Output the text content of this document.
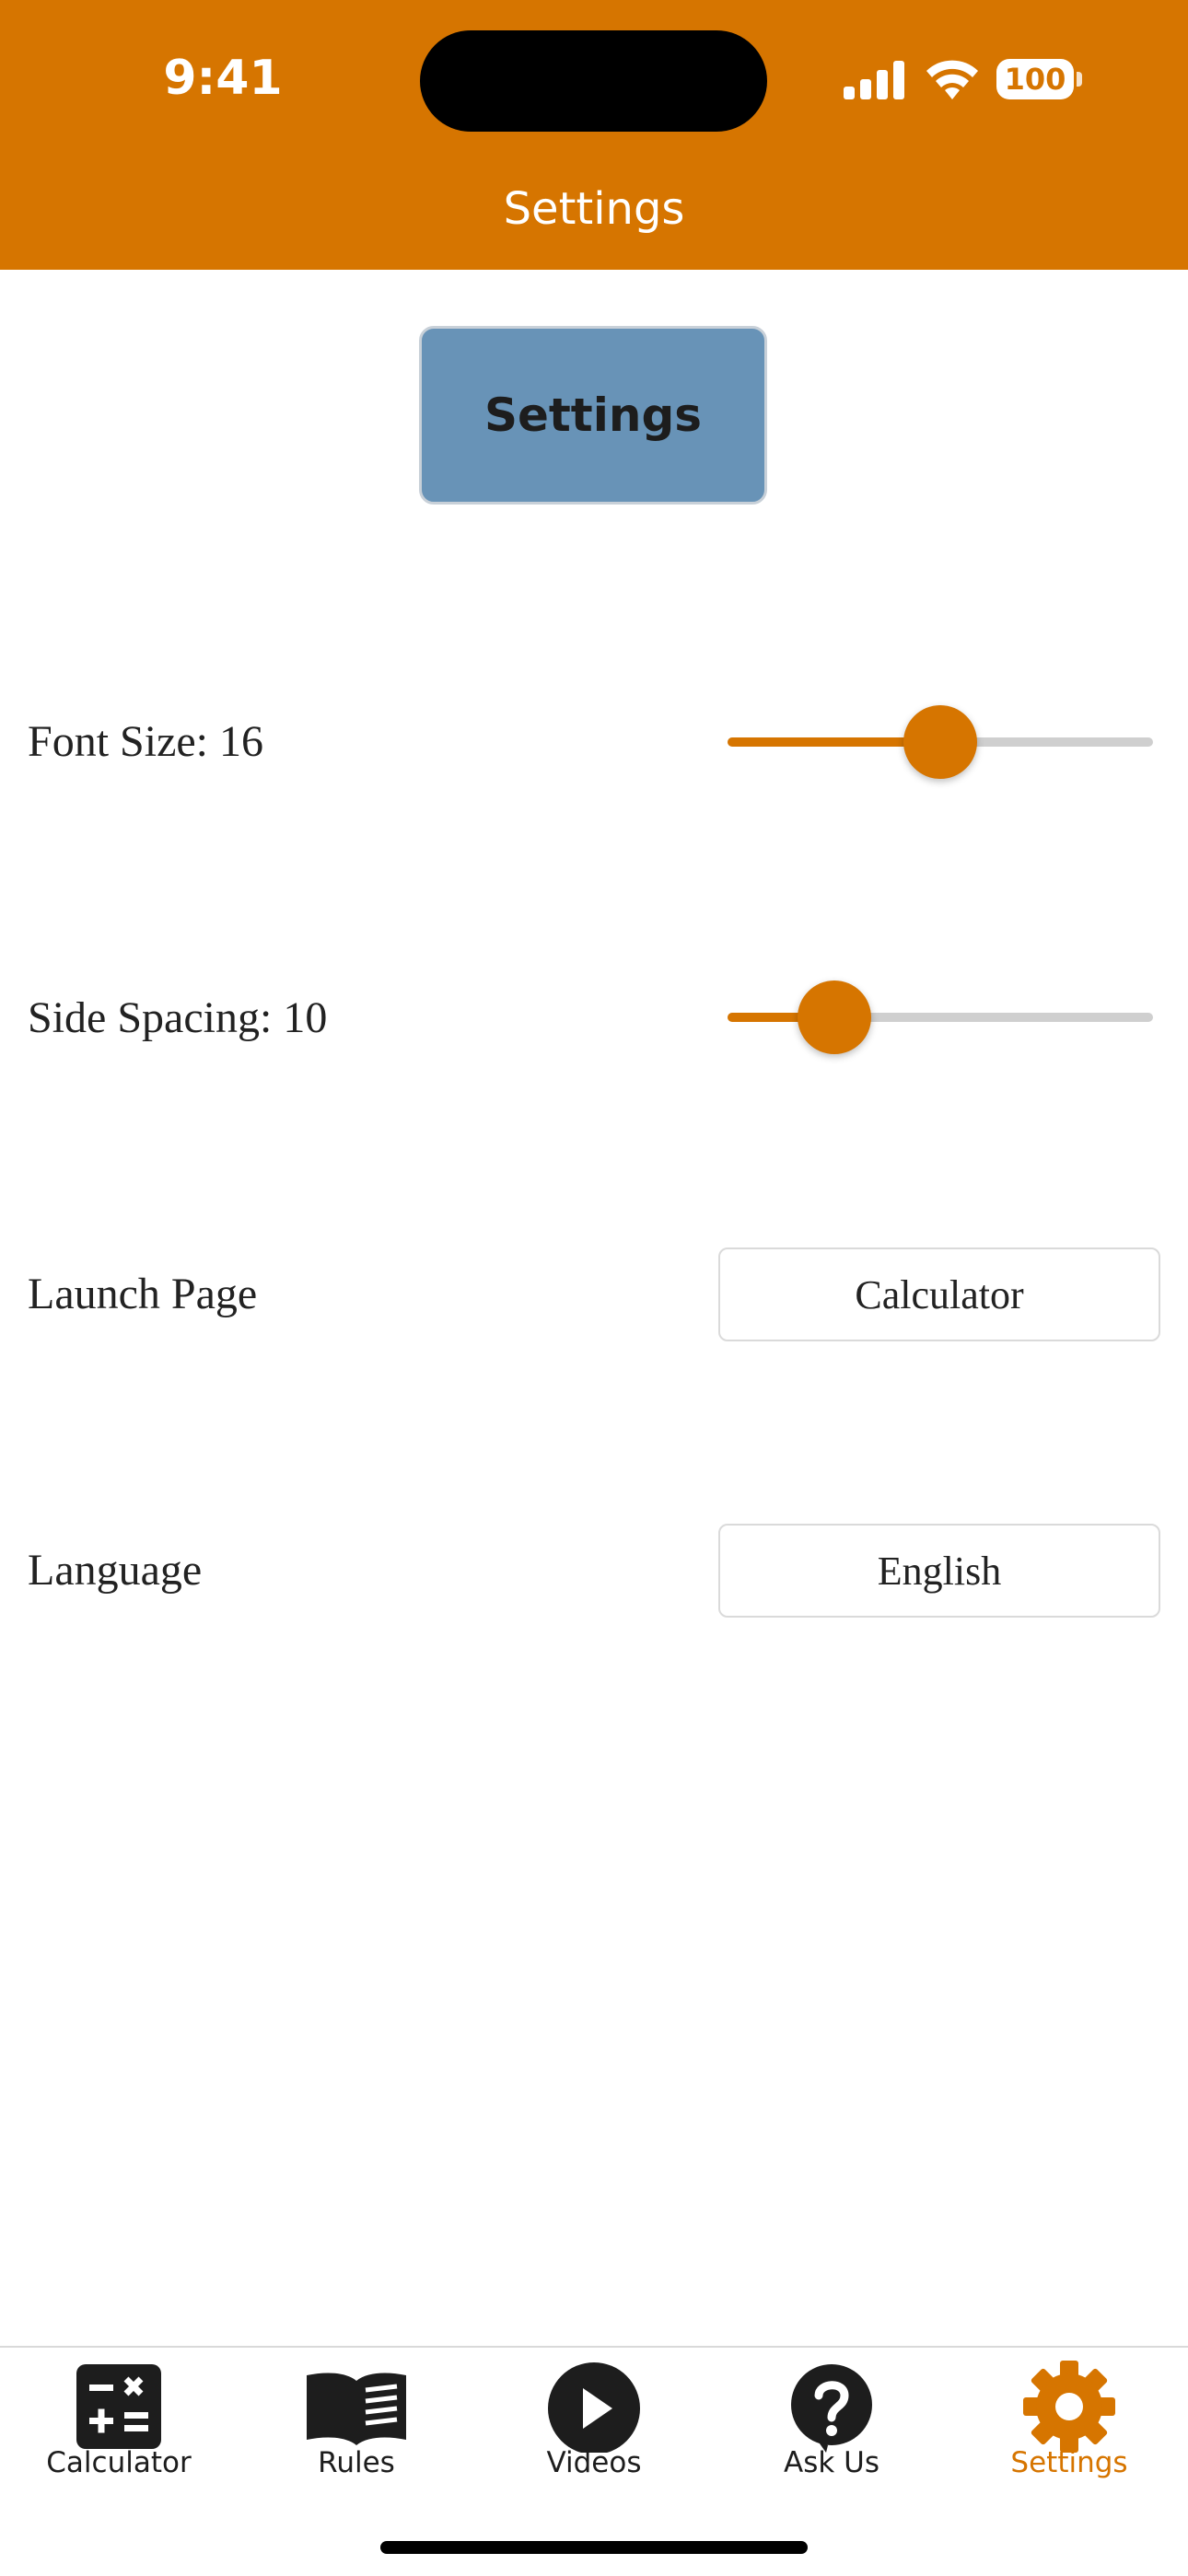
9:41	100
Settings
Settings
Font Size: 16
Side Spacing: 10
Launch Page	Calculator
Language	English
Calculator	Rules	Videos	Ask Us	Settings
